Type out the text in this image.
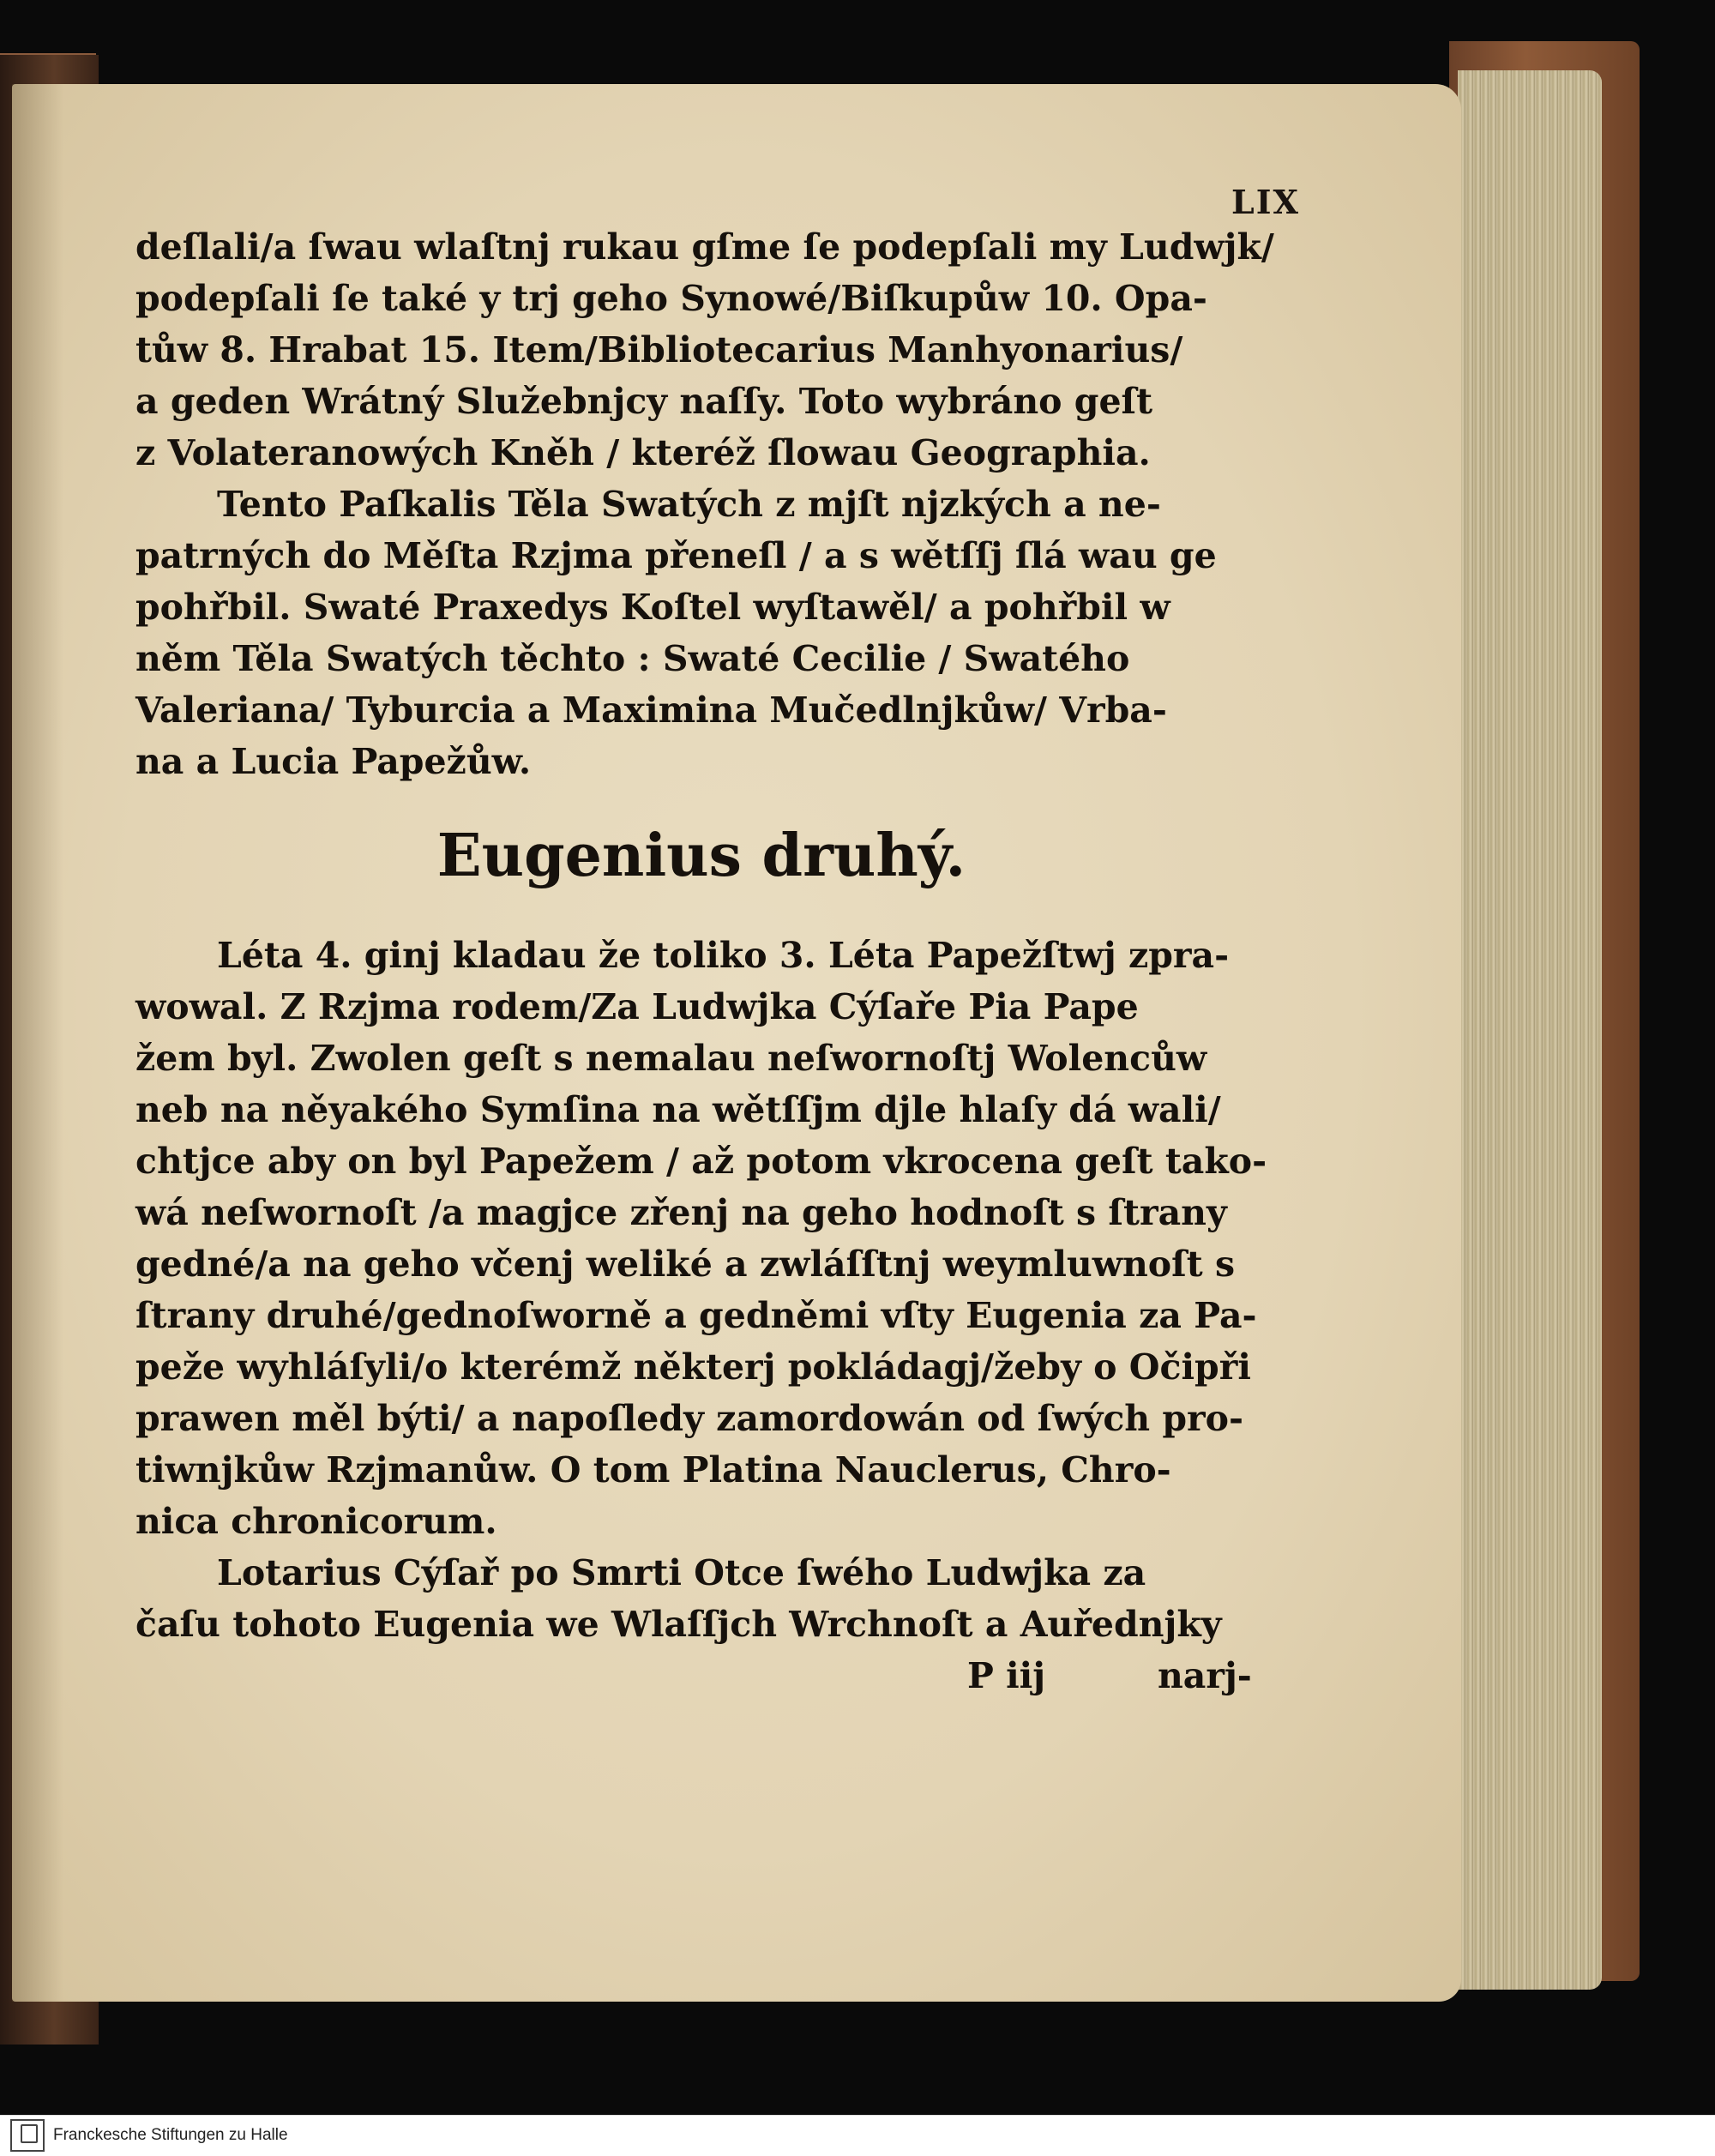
LIX
deſlali/a ſwau wlaſtnj rukau gſme ſe podepſali my Ludwjk/
podepſali ſe také y trj geho Synowé/Biſkupůw 10. Opa-
tůw 8. Hrabat 15. Item/Bibliotecarius Manhyonarius/
a geden Wrátný Služebnjcy naſſy. Toto wybráno geſt
z Volateranowých Kněh / kteréž ſlowau Geographia.
Tento Paſkalis Těla Swatých z mjſt njzkých a ne-
patrných do Měſta Rzjma přeneſl / a s wětſſj ſlá wau ge
pohřbil. Swaté Praxedys Koſtel wyſtawěl/ a pohřbil w
něm Těla Swatých těchto : Swaté Cecilie / Swatého
Valeriana/ Tyburcia a Maximina Mučedlnjkůw/ Vrba-
na a Lucia Papežůw.
Eugenius druhý.
Léta 4. ginj kladau že toliko 3. Léta Papežſtwj zpra-
wowal. Z Rzjma rodem/Za Ludwjka Cýſaře Pia Pape
žem byl. Zwolen geſt s nemalau neſwornoſtj Wolencůw
neb na něyakého Symſina na wětſſjm djle hlaſy dá wali/
chtjce aby on byl Papežem / až potom vkrocena geſt tako-
wá neſwornoſt /a magjce zřenj na geho hodnoſt s ſtrany
gedné/a na geho včenj weliké a zwláſſtnj weymluwnoſt s
ſtrany druhé/gednoſworně a gedněmi vſty Eugenia za Pa-
peže wyhláſyli/o kterémž některj pokládagj/žeby o Očipři
prawen měl býti/ a napoſledy zamordowán od ſwých pro-
tiwnjkůw Rzjmanůw. O tom Platina Nauclerus, Chro-
nica chronicorum.
Lotarius Cýſař po Smrti Otce ſwého Ludwjka za
čaſu tohoto Eugenia we Wlaſſjch Wrchnoſt a Auřednjky
P iij	narj-
Franckesche Stiftungen zu Halle
